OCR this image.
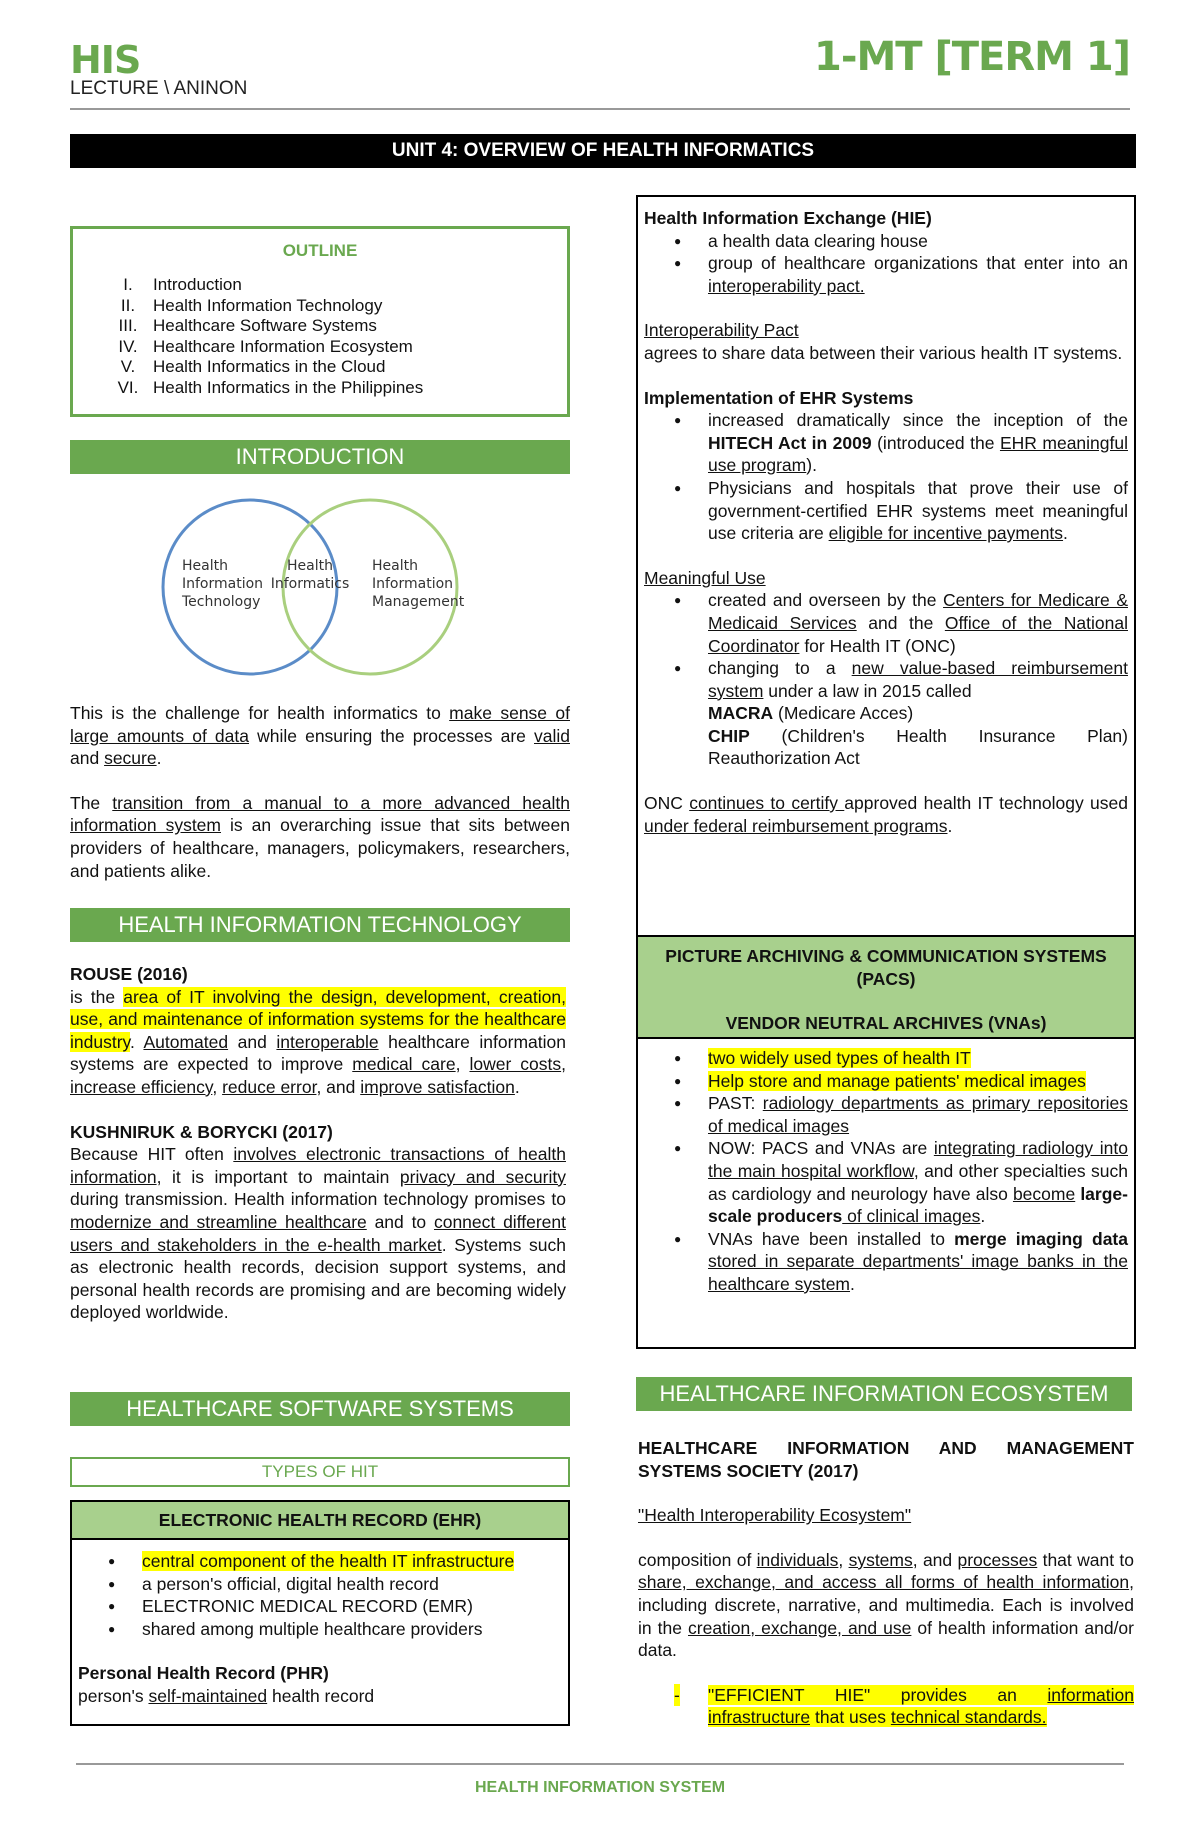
HIS
LECTURE \ ANINON
1-MT [TERM 1]
UNIT 4: OVERVIEW OF HEALTH INFORMATICS
OUTLINE
I.	Introduction
II.	Health Information Technology
III. Healthcare Software Systems
IV. Healthcare Information Ecosystem
V.	Health Informatics in the Cloud
VI. Health Informatics in the Philippines
INTRODUCTION
Health
Information
Technology
Health
Informatics
Health
Information
Management

This is the challenge for health informatics to make sense of large amounts of data while ensuring the processes are valid and secure.

The transition from a manual to a more advanced health information system is an overarching issue that sits between providers of healthcare, managers, policymakers, researchers, and patients alike.

HEALTH INFORMATION TECHNOLOGY
ROUSE (2016)

is the area of IT involving the design, development, creation, use, and maintenance of information systems for the healthcare industry. Automated and interoperable healthcare information systems are expected to improve medical care, lower costs, increase efficiency, reduce error, and improve satisfaction.

KUSHNIRUK & BORYCKI (2017)

Because HIT often involves electronic transactions of health information, it is important to maintain privacy and security during transmission. Health information technology promises to modernize and streamline healthcare and to connect different users and stakeholders in the e-health market. Systems such as electronic health records, decision support systems, and personal health records are promising and are becoming widely deployed worldwide.

HEALTHCARE SOFTWARE SYSTEMS
TYPES OF HIT
ELECTRONIC HEALTH RECORD (EHR)
● central component of the health IT infrastructure
● a person's official, digital health record
● ELECTRONIC MEDICAL RECORD (EMR)
● shared among multiple healthcare providers
Personal Health Record (PHR)
person's self-maintained health record
Health Information Exchange (HIE)
● a health data clearing house
● group of healthcare organizations that enter into an interoperability pact.
Interoperability Pact
agrees to share data between their various health IT systems.
Implementation of EHR Systems
● increased dramatically since the inception of the HITECH Act in 2009 (introduced the EHR meaningful use program).
● Physicians and hospitals that prove their use of government-certified EHR systems meet meaningful use criteria are eligible for incentive payments.
Meaningful Use
● created and overseen by the Centers for Medicare & Medicaid Services and the Office of the National Coordinator for Health IT (ONC)
● changing to a new value-based reimbursement system under a law in 2015 called
MACRA (Medicare Acces)
CHIP (Children's Health Insurance Plan) Reauthorization Act
ONC continues to certify approved health IT technology used under federal reimbursement programs.
PICTURE ARCHIVING & COMMUNICATION SYSTEMS (PACS)
VENDOR NEUTRAL ARCHIVES (VNAs)
● two widely used types of health IT
● Help store and manage patients' medical images
● PAST: radiology departments as primary repositories of medical images
● NOW: PACS and VNAs are integrating radiology into the main hospital workflow, and other specialties such as cardiology and neurology have also become large-scale producers of clinical images.
● VNAs have been installed to merge imaging data stored in separate departments' image banks in the healthcare system.
HEALTHCARE INFORMATION ECOSYSTEM
HEALTHCARE INFORMATION AND MANAGEMENT SYSTEMS SOCIETY (2017)
"Health Interoperability Ecosystem"

composition of individuals, systems, and processes that want to share, exchange, and access all forms of health information, including discrete, narrative, and multimedia. Each is involved in the creation, exchange, and use of health information and/or data.

- "EFFICIENT HIE" provides an information infrastructure that uses technical standards.
HEALTH INFORMATION SYSTEM
